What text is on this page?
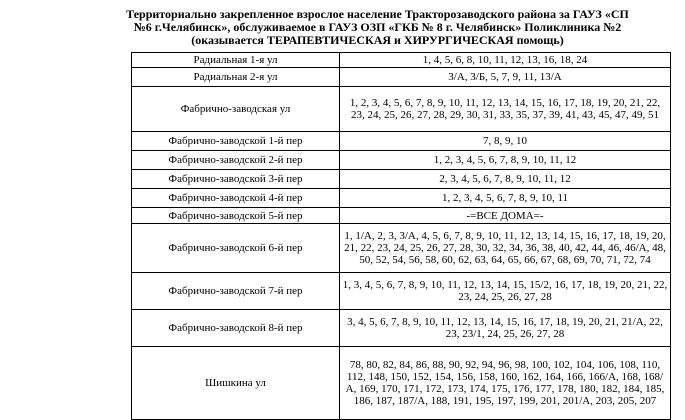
Территориально закрепленное взрослое население Тракторозаводского района за ГАУЗ «СП
№6 г.Челябинск», обслуживаемое в ГАУЗ ОЗП «ГКБ № 8 г. Челябинск» Поликлиника №2
(оказывается ТЕРАПЕВТИЧЕСКАЯ и ХИРУРГИЧЕСКАЯ помощь)
Радиальная 1-я ул	1, 4, 5, 6, 8, 10, 11, 12, 13, 16, 18, 24
Радиальная 2-я ул	3/А, 3/Б, 5, 7, 9, 11, 13/А
Фабрично-заводская ул	1, 2, 3, 4, 5, 6, 7, 8, 9, 10, 11, 12, 13, 14, 15, 16, 17, 18, 19, 20, 21, 22, 23, 24, 25, 26, 27, 28, 29, 30, 31, 33, 35, 37, 39, 41, 43, 45, 47, 49, 51
Фабрично-заводской 1-й пер	7, 8, 9, 10
Фабрично-заводской 2-й пер	1, 2, 3, 4, 5, 6, 7, 8, 9, 10, 11, 12
Фабрично-заводской 3-й пер	2, 3, 4, 5, 6, 7, 8, 9, 10, 11, 12
Фабрично-заводской 4-й пер	1, 2, 3, 4, 5, 6, 7, 8, 9, 10, 11
Фабрично-заводской 5-й пер	-=ВСЕ ДОМА=-
Фабрично-заводской 6-й пер	1, 1/А, 2, 3, 3/А, 4, 5, 6, 7, 8, 9, 10, 11, 12, 13, 14, 15, 16, 17, 18, 19, 20, 21, 22, 23, 24, 25, 26, 27, 28, 30, 32, 34, 36, 38, 40, 42, 44, 46, 46/А, 48, 50, 52, 54, 56, 58, 60, 62, 63, 64, 65, 66, 67, 68, 69, 70, 71, 72, 74
Фабрично-заводской 7-й пер	1, 3, 4, 5, 6, 7, 8, 9, 10, 11, 12, 13, 14, 15, 15/2, 16, 17, 18, 19, 20, 21, 22, 23, 24, 25, 26, 27, 28
Фабрично-заводской 8-й пер	3, 4, 5, 6, 7, 8, 9, 10, 11, 12, 13, 14, 15, 16, 17, 18, 19, 20, 21, 21/А, 22, 23, 23/1, 24, 25, 26, 27, 28
Шишкина ул	78, 80, 82, 84, 86, 88, 90, 92, 94, 96, 98, 100, 102, 104, 106, 108, 110, 112, 148, 150, 152, 154, 156, 158, 160, 162, 164, 166, 166/А, 168, 168/А, 169, 170, 171, 172, 173, 174, 175, 176, 177, 178, 180, 182, 184, 185, 186, 187, 187/А, 188, 191, 195, 197, 199, 201, 201/А, 203, 205, 207
